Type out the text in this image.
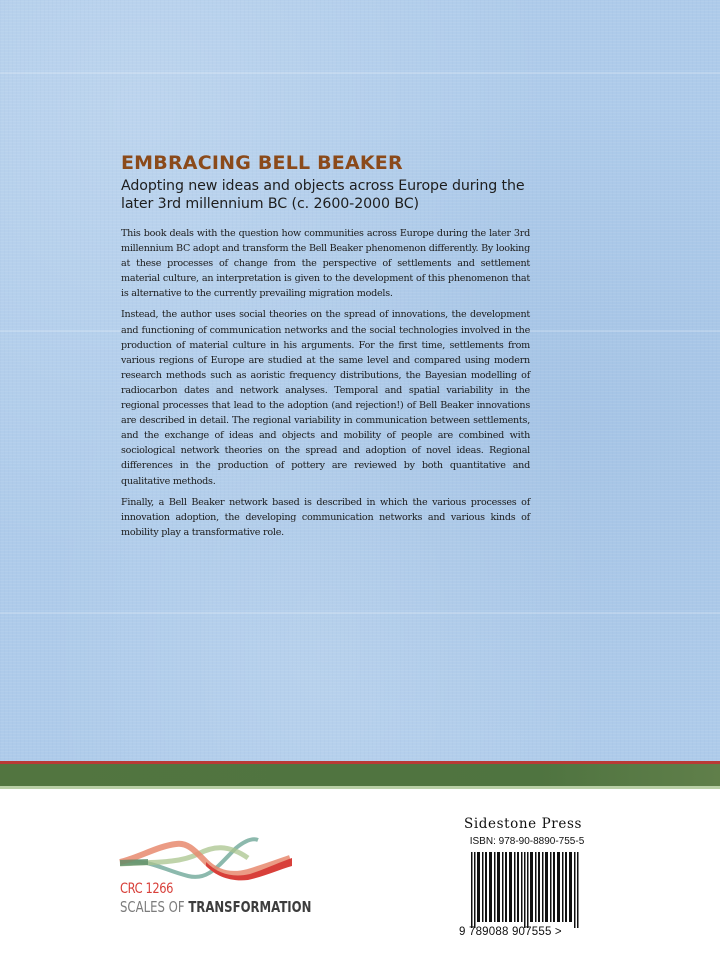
EMBRACING BELL BEAKER
Adopting new ideas and objects across Europe during the later 3rd millennium BC (c. 2600-2000 BC)

This book deals with the question how communities across Europe during the later 3rd millennium BC adopt and transform the Bell Beaker phenomenon differently. By looking at these processes of change from the perspective of settlements and settlement material culture, an interpretation is given to the development of this phenomenon that is alternative to the currently prevailing migration models.

Instead, the author uses social theories on the spread of innovations, the development and functioning of communication networks and the social technologies involved in the production of material culture in his arguments. For the first time, settlements from various regions of Europe are studied at the same level and compared using modern research methods such as aoristic frequency distributions, the Bayesian modelling of radiocarbon dates and network analyses. Temporal and spatial variability in the regional processes that lead to the adoption (and rejection!) of Bell Beaker innovations are described in detail. The regional variability in communication between settlements, and the exchange of ideas and objects and mobility of people are combined with sociological network theories on the spread and adoption of novel ideas. Regional differences in the production of pottery are reviewed by both quantitative and qualitative methods.

Finally, a Bell Beaker network based is described in which the various processes of innovation adoption, the developing communication networks and various kinds of mobility play a transformative role.

CRC 1266
SCALES OF TRANSFORMATION
Sidestone Press
ISBN: 978-90-8890-755-5
9 789088 907555 >
